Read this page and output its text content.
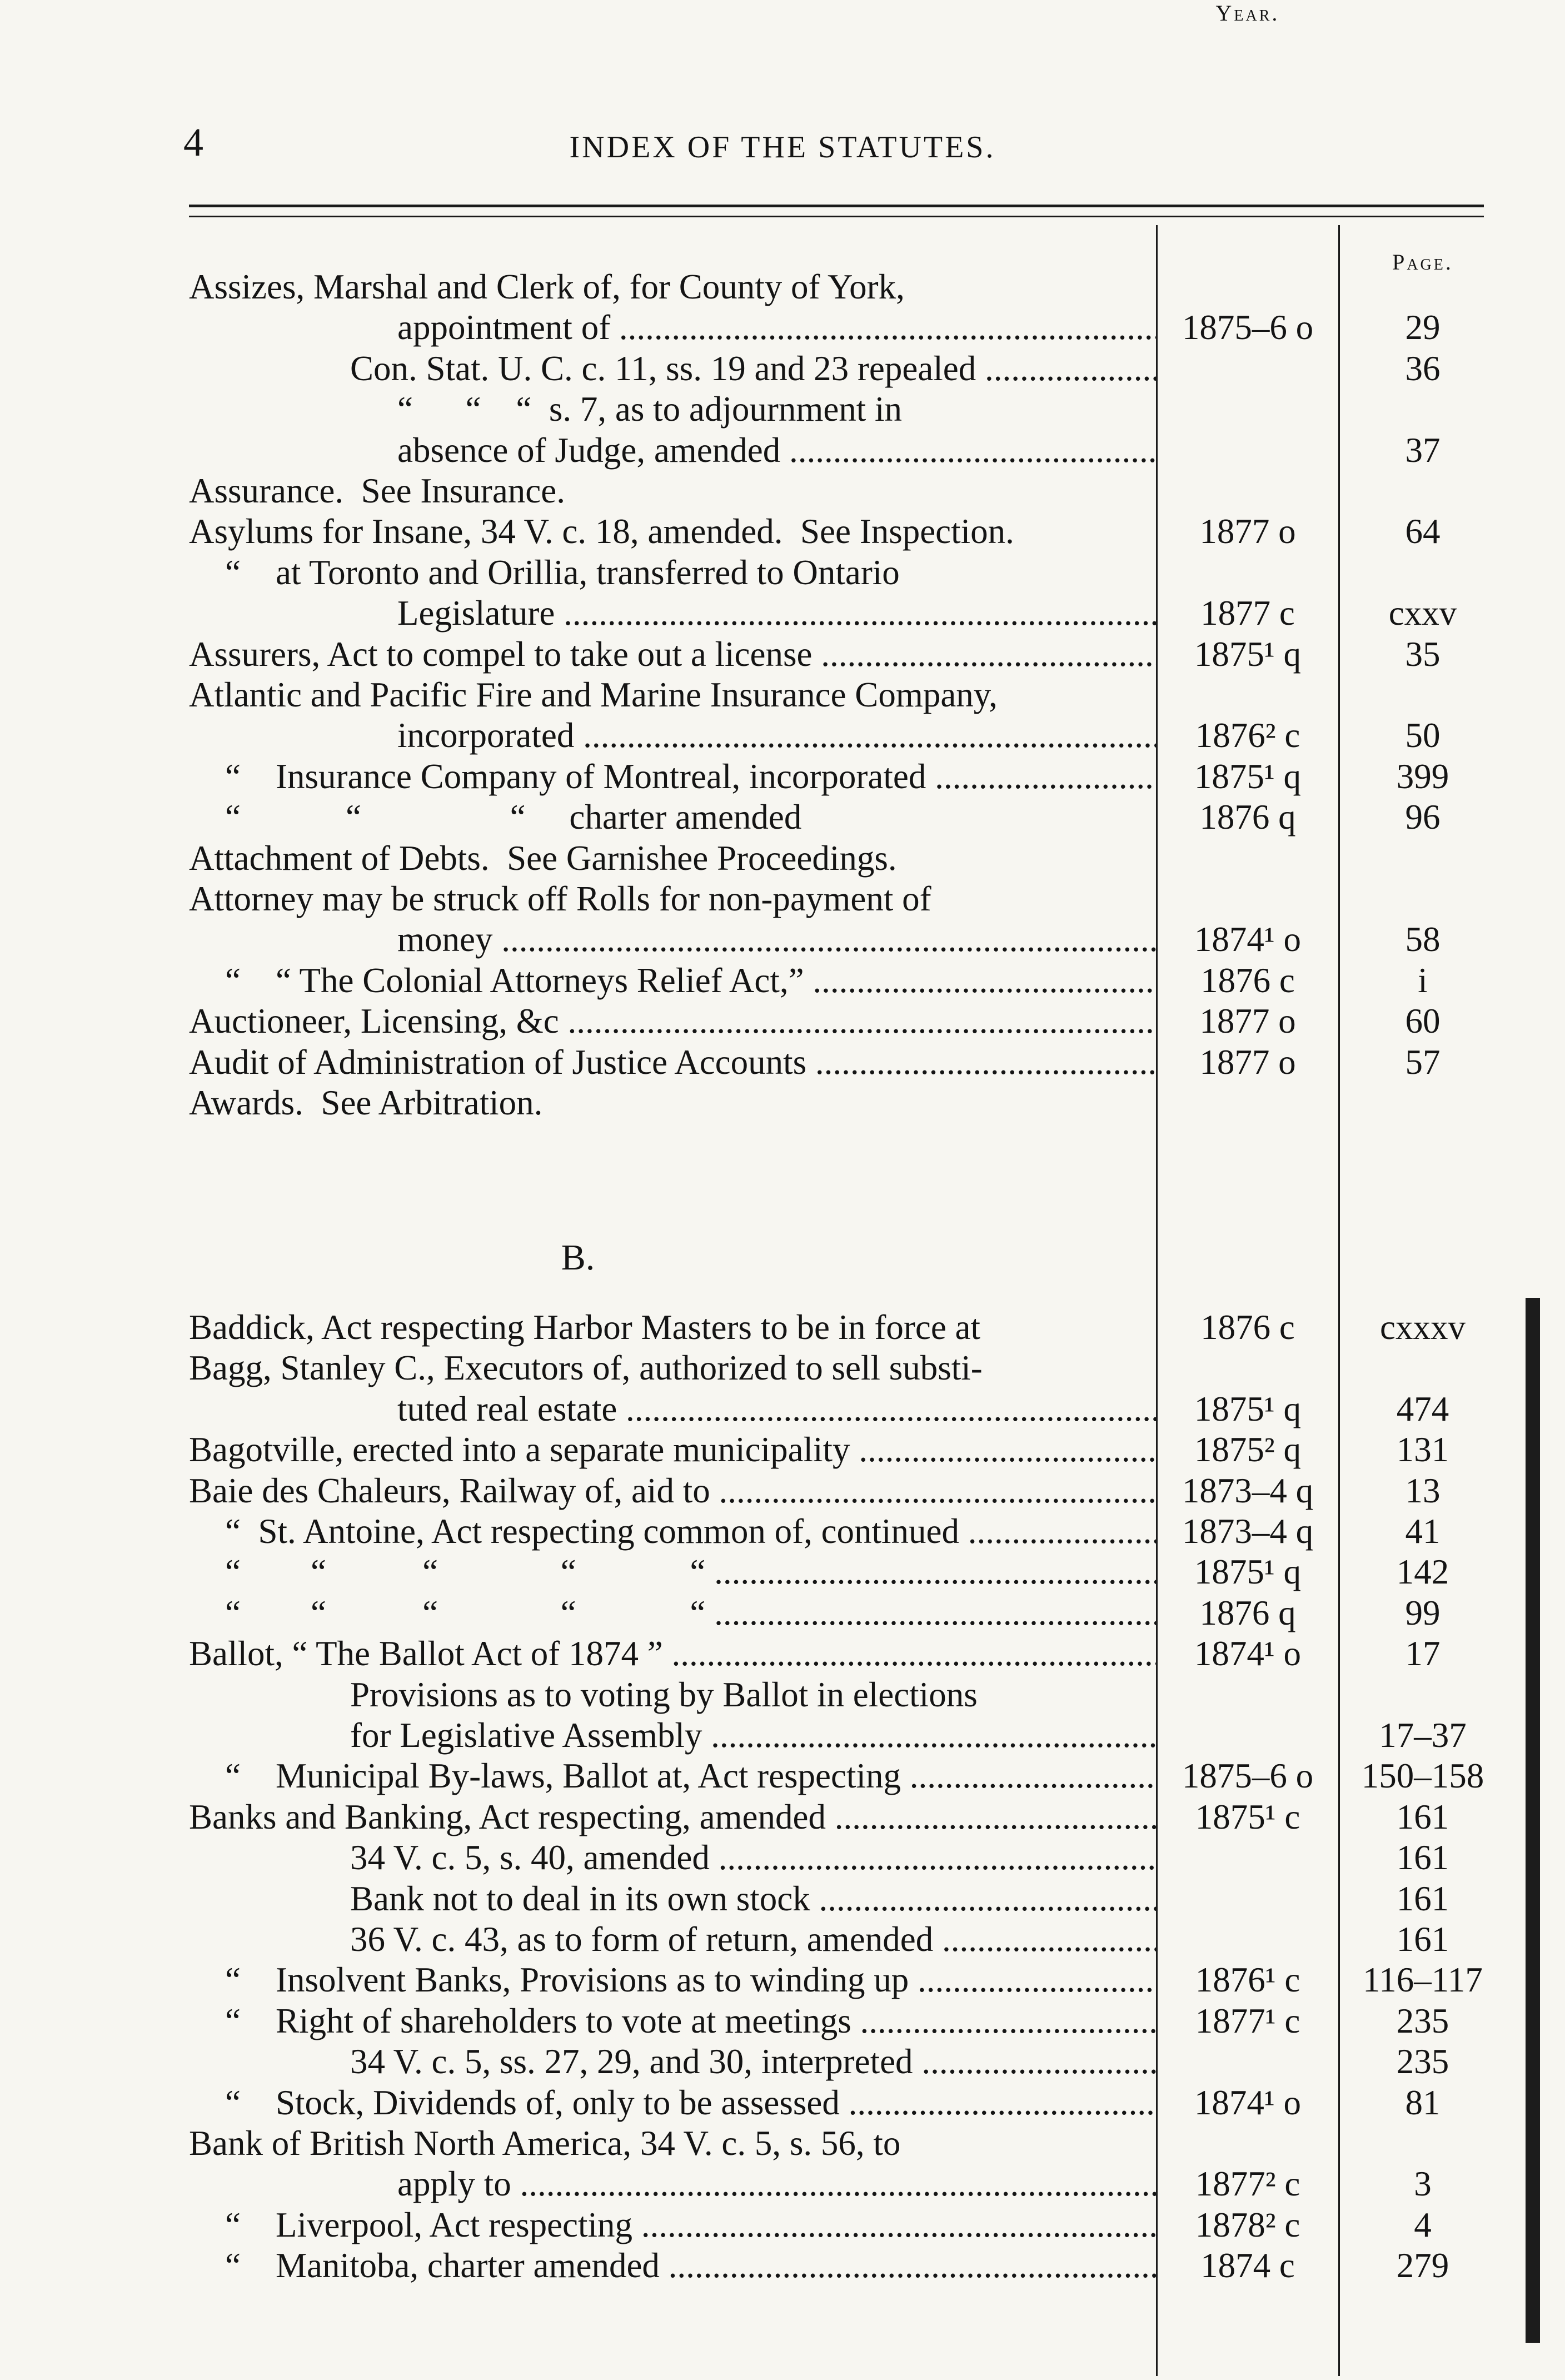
4	INDEX OF THE STATUTES.
Year.
Page.
Assizes, Marshal and Clerk of, for County of York,
appointment of .....	1875–6 o	29
Con. Stat. U. C. c. 11, ss. 19 and 23 repealed .....	36
“      “    “  s. 7, as to adjournment in
absence of Judge, amended .....	37
Assurance.  See Insurance.
Asylums for Insane, 34 V. c. 18, amended.  See Inspection.	1877 o	64
“    at Toronto and Orillia, transferred to Ontario
Legislature .....	1877 c	cxxv
Assurers, Act to compel to take out a license .....	1875¹ q	35
Atlantic and Pacific Fire and Marine Insurance Company,
incorporated .....	1876² c	50
“    Insurance Company of Montreal, incorporated .....	1875¹ q	399
“            “                 “     charter amended	1876 q	96
Attachment of Debts.  See Garnishee Proceedings.
Attorney may be struck off Rolls for non-payment of
money .....	1874¹ o	58
“    “ The Colonial Attorneys Relief Act,” .....	1876 c	i
Auctioneer, Licensing, &c .....	1877 o	60
Audit of Administration of Justice Accounts .....	1877 o	57
Awards.  See Arbitration.
B.
Baddick, Act respecting Harbor Masters to be in force at	1876 c	cxxxv
Bagg, Stanley C., Executors of, authorized to sell substi-
tuted real estate .....	1875¹ q	474
Bagotville, erected into a separate municipality .....	1875² q	131
Baie des Chaleurs, Railway of, aid to .....	1873–4 q	13
“  St. Antoine, Act respecting common of, continued .....	1873–4 q	41
“        “           “              “             “ .....	1875¹ q	142
“        “           “              “             “ .....	1876 q	99
Ballot, “ The Ballot Act of 1874 ” .....	1874¹ o	17
Provisions as to voting by Ballot in elections
for Legislative Assembly .....	17–37
“    Municipal By-laws, Ballot at, Act respecting .....	1875–6 o	150–158
Banks and Banking, Act respecting, amended .....	1875¹ c	161
34 V. c. 5, s. 40, amended .....	161
Bank not to deal in its own stock .....	161
36 V. c. 43, as to form of return, amended .....	161
“    Insolvent Banks, Provisions as to winding up .....	1876¹ c	116–117
“    Right of shareholders to vote at meetings .....	1877¹ c	235
34 V. c. 5, ss. 27, 29, and 30, interpreted .....	235
“    Stock, Dividends of, only to be assessed .....	1874¹ o	81
Bank of British North America, 34 V. c. 5, s. 56, to
apply to .....	1877² c	3
“    Liverpool, Act respecting .....	1878² c	4
“    Manitoba, charter amended .....	1874 c	279
